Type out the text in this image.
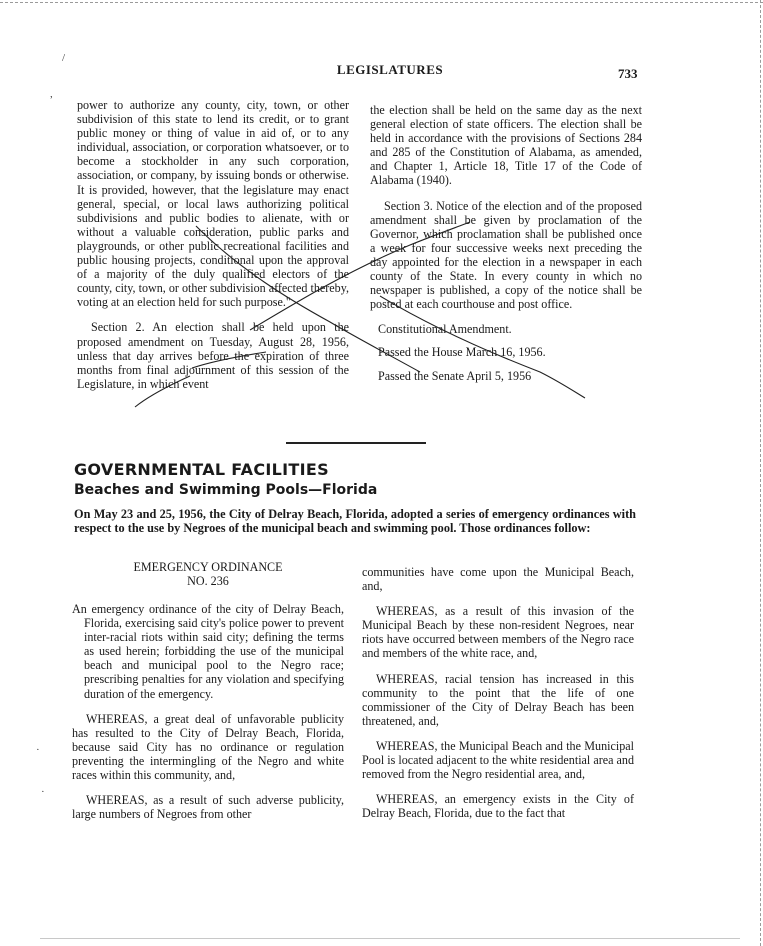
/
,
·
·
LEGISLATURES	733

power to authorize any county, city, town, or other subdivision of this state to lend its credit, or to grant public money or thing of value in aid of, or to any individual, association, or corporation whatsoever, or to become a stockholder in any such corporation, association, or company, by issuing bonds or otherwise. It is provided, however, that the legislature may enact general, special, or local laws authorizing political subdivisions and public bodies to alienate, with or without a valuable consideration, public parks and playgrounds, or other public recreational facilities and public housing projects, conditional upon the approval of a majority of the duly qualified electors of the county, city, town, or other subdivision affected thereby, voting at an election held for such purpose."

Section 2. An election shall be held upon the proposed amendment on Tuesday, August 28, 1956, unless that day arrives before the expiration of three months from final adjournment of this session of the Legislature, in which event

the election shall be held on the same day as the next general election of state officers. The election shall be held in accordance with the provisions of Sections 284 and 285 of the Constitution of Alabama, as amended, and Chapter 1, Article 18, Title 17 of the Code of Alabama (1940).

Section 3. Notice of the election and of the proposed amendment shall be given by proclamation of the Governor, which proclamation shall be published once a week for four successive weeks next preceding the day appointed for the election in a newspaper in each county of the State. In every county in which no newspaper is published, a copy of the notice shall be posted at each courthouse and post office.

Constitutional Amendment.
Passed the House March 16, 1956.
Passed the Senate April 5, 1956
GOVERNMENTAL FACILITIES
Beaches and Swimming Pools—Florida
On May 23 and 25, 1956, the City of Delray Beach, Florida, adopted a series of emergency ordinances with respect to the use by Negroes of the municipal beach and swimming pool. Those ordinances follow:
EMERGENCY ORDINANCE
NO. 236

An emergency ordinance of the city of Delray Beach, Florida, exercising said city's police power to prevent inter-racial riots within said city; defining the terms as used herein; forbidding the use of the municipal beach and municipal pool to the Negro race; prescribing penalties for any violation and specifying duration of the emergency.

WHEREAS, a great deal of unfavorable publicity has resulted to the City of Delray Beach, Florida, because said City has no ordinance or regulation preventing the intermingling of the Negro and white races within this community, and,

WHEREAS, as a result of such adverse publicity, large numbers of Negroes from other

communities have come upon the Municipal Beach, and,

WHEREAS, as a result of this invasion of the Municipal Beach by these non-resident Negroes, near riots have occurred between members of the Negro race and members of the white race, and,

WHEREAS, racial tension has increased in this community to the point that the life of one commissioner of the City of Delray Beach has been threatened, and,

WHEREAS, the Municipal Beach and the Municipal Pool is located adjacent to the white residential area and removed from the Negro residential area, and,

WHEREAS, an emergency exists in the City of Delray Beach, Florida, due to the fact that
